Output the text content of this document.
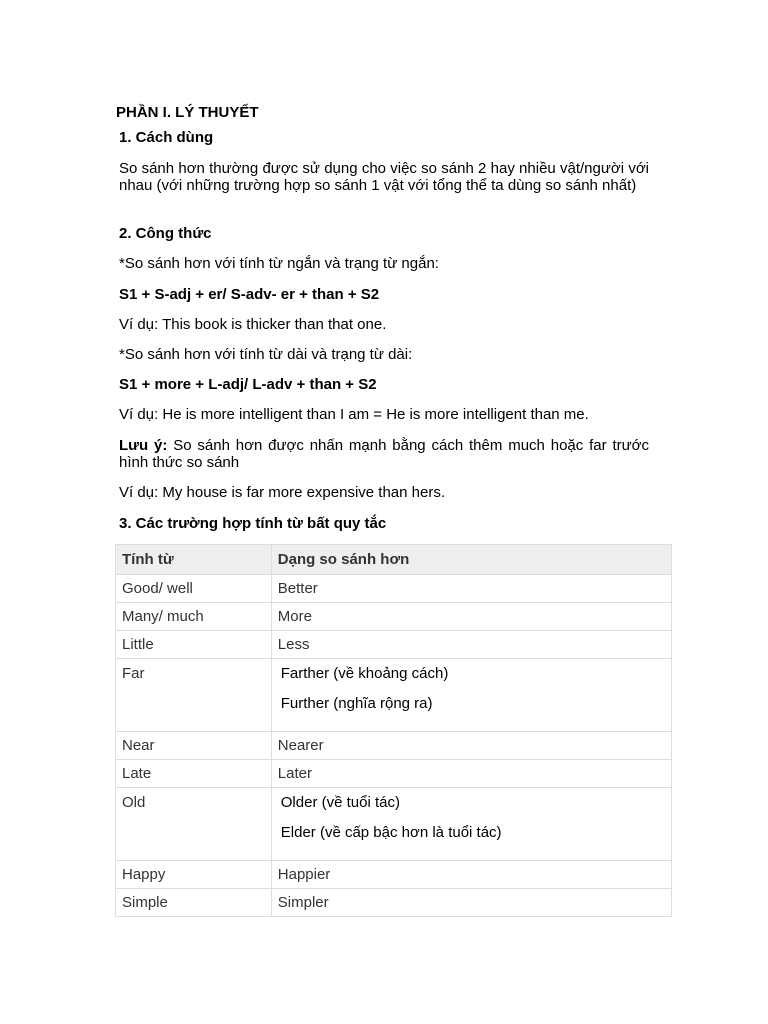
PHẦN I. LÝ THUYẾT
1. Cách dùng
So sánh hơn thường được sử dụng cho việc so sánh 2 hay nhiều vật/người với nhau (với những trường hợp so sánh 1 vật với tổng thể ta dùng so sánh nhất)
2. Công thức
*So sánh hơn với tính từ ngắn và trạng từ ngắn:
S1 + S-adj + er/ S-adv- er + than + S2
Ví dụ: This book is thicker than that one.
*So sánh hơn với tính từ dài và trạng từ dài:
S1 + more + L-adj/ L-adv + than + S2
Ví dụ: He is more intelligent than I am = He is more intelligent than me.
Lưu ý: So sánh hơn được nhấn mạnh bằng cách thêm much hoặc far trước hình thức so sánh
Ví dụ: My house is far more expensive than hers.
3. Các trường hợp tính từ bất quy tắc
Tính từ	Dạng so sánh hơn
Good/ well	Better
Many/ much	More
Little	Less
Far	Farther (về khoảng cách)
Further (nghĩa rộng ra)

Near	Nearer
Late	Later
Old	Older (về tuổi tác)
Elder (về cấp bậc hơn là tuổi tác)

Happy	Happier
Simple	Simpler
